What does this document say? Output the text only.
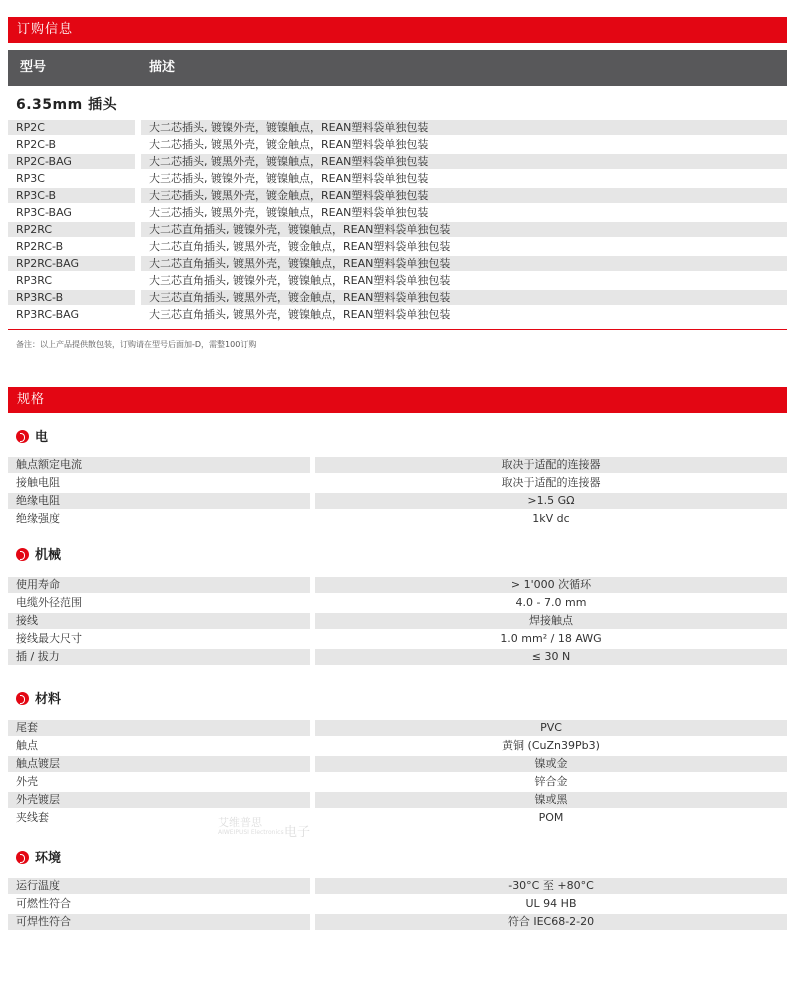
订购信息
型号	描述
6.35mm 插头
RP2C	大二芯插头, 镀镍外壳，镀镍触点，REAN塑料袋单独包装
RP2C-B	大二芯插头, 镀黑外壳，镀金触点，REAN塑料袋单独包装
RP2C-BAG	大二芯插头, 镀黑外壳，镀镍触点，REAN塑料袋单独包装
RP3C	大三芯插头, 镀镍外壳，镀镍触点，REAN塑料袋单独包装
RP3C-B	大三芯插头, 镀黑外壳，镀金触点，REAN塑料袋单独包装
RP3C-BAG	大三芯插头, 镀黑外壳，镀镍触点，REAN塑料袋单独包装
RP2RC	大二芯直角插头, 镀镍外壳，镀镍触点，REAN塑料袋单独包装
RP2RC-B	大二芯直角插头, 镀黑外壳，镀金触点，REAN塑料袋单独包装
RP2RC-BAG	大二芯直角插头, 镀黑外壳，镀镍触点，REAN塑料袋单独包装
RP3RC	大三芯直角插头, 镀镍外壳，镀镍触点，REAN塑料袋单独包装
RP3RC-B	大三芯直角插头, 镀黑外壳，镀金触点，REAN塑料袋单独包装
RP3RC-BAG	大三芯直角插头, 镀黑外壳，镀镍触点，REAN塑料袋单独包装
备注：以上产品提供散包装，订购请在型号后面加-D，需整100订购
规格
电
触点额定电流	取决于适配的连接器
接触电阻	取决于适配的连接器
绝缘电阻	>1.5 GΩ
绝缘强度	1kV dc
机械
使用寿命	> 1'000 次循环
电缆外径范围	4.0 - 7.0 mm
接线	焊接触点
接线最大尺寸	1.0 mm² / 18 AWG
插 / 拔力	≤ 30 N
材料
尾套	PVC
触点	黄铜 (CuZn39Pb3)
触点镀层	镍或金
外壳	锌合金
外壳镀层	镍或黑
夹线套	POM
环境
运行温度	-30°C 至 +80°C
可燃性符合	UL 94 HB
可焊性符合	符合 IEC68-2-20
艾维普思
AIWEIPUSI Electronics 电子
